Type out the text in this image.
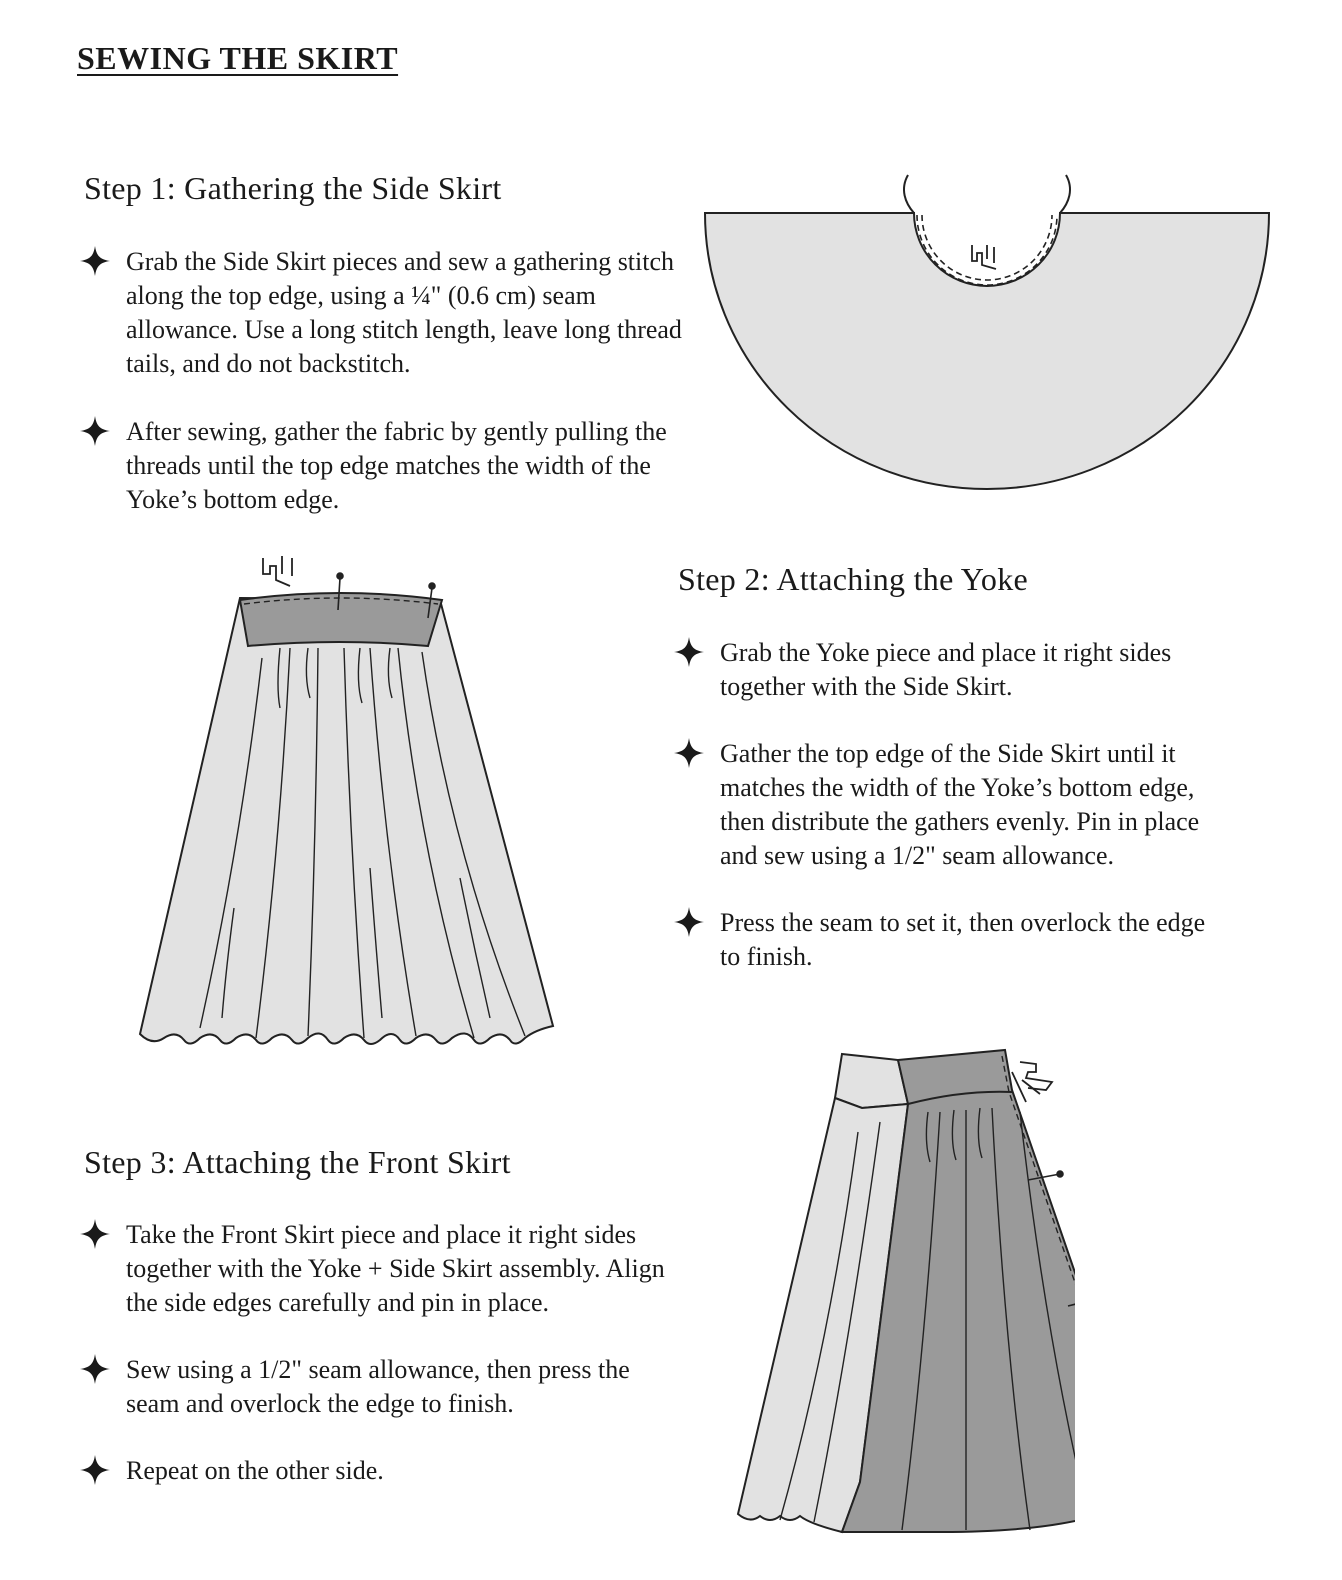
SEWING THE SKIRT
Step 1: Gathering the Side Skirt
Grab the Side Skirt pieces and sew a gathering stitch along the top edge, using a ¼" (0.6 cm) seam allowance. Use a long stitch length, leave long thread tails, and do not backstitch.
After sewing, gather the fabric by gently pulling the threads until the top edge matches the width of the Yoke’s bottom edge.
Step 2: Attaching the Yoke
Grab the Yoke piece and place it right sides together with the Side Skirt.
Gather the top edge of the Side Skirt until it matches the width of the Yoke’s bottom edge, then distribute the gathers evenly. Pin in place and sew using a 1/2" seam allowance.
Press the seam to set it, then overlock the edge to finish.
Step 3: Attaching the Front Skirt
Take the Front Skirt piece and place it right sides together with the Yoke + Side Skirt assembly. Align the side edges carefully and pin in place.
Sew using a 1/2" seam allowance, then press the seam and overlock the edge to finish.
Repeat on the other side.
